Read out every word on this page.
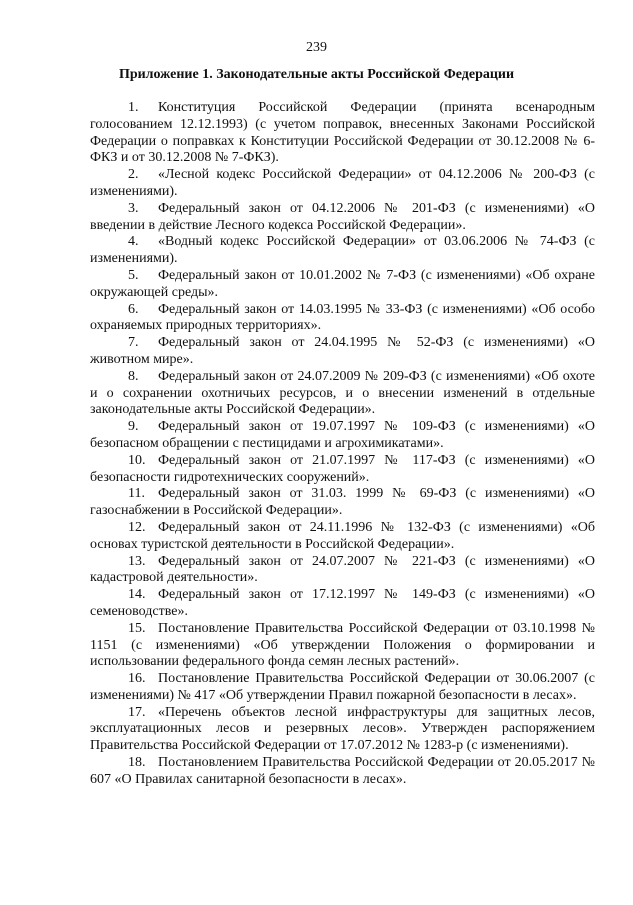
239
Приложение 1. Законодательные акты Российской Федерации

1. Конституция Российской Федерации (принята всенародным голосованием 12.12.1993) (с учетом поправок, внесенных Законами Российской Федерации о поправках к Конституции Российской Федерации от 30.12.2008 № 6-ФКЗ и от 30.12.2008 № 7-ФКЗ).

2. «Лесной кодекс Российской Федерации» от 04.12.2006 № 200-ФЗ (с изменениями).

3. Федеральный закон от 04.12.2006 № 201-ФЗ (с изменениями) «О введении в действие Лесного кодекса Российской Федерации».

4. «Водный кодекс Российской Федерации» от 03.06.2006 № 74-ФЗ (с изменениями).

5. Федеральный закон от 10.01.2002 № 7-ФЗ (с изменениями) «Об охране окружающей среды».

6. Федеральный закон от 14.03.1995 № 33-ФЗ (с изменениями) «Об особо охраняемых природных территориях».

7. Федеральный закон от 24.04.1995 № 52-ФЗ (с изменениями) «О животном мире».

8. Федеральный закон от 24.07.2009 № 209-ФЗ (с изменениями) «Об охоте и о сохранении охотничьих ресурсов, и о внесении изменений в отдельные законодательные акты Российской Федерации».

9. Федеральный закон от 19.07.1997 № 109-ФЗ (с изменениями) «О безопасном обращении с пестицидами и агрохимикатами».

10. Федеральный закон от 21.07.1997 № 117-ФЗ (с изменениями) «О безопасности гидротехнических сооружений».

11. Федеральный закон от 31.03. 1999 № 69-ФЗ (с изменениями) «О газоснабжении в Российской Федерации».

12. Федеральный закон от 24.11.1996 № 132-ФЗ (с изменениями) «Об основах туристской деятельности в Российской Федерации».

13. Федеральный закон от 24.07.2007 № 221-ФЗ (с изменениями) «О кадастровой деятельности».

14. Федеральный закон от 17.12.1997 № 149-ФЗ (с изменениями) «О семеноводстве».

15. Постановление Правительства Российской Федерации от 03.10.1998 № 1151 (с изменениями) «Об утверждении Положения о формировании и использовании федерального фонда семян лесных растений».

16. Постановление Правительства Российской Федерации от 30.06.2007 (с изменениями) № 417 «Об утверждении Правил пожарной безопасности в лесах».

17. «Перечень объектов лесной инфраструктуры для защитных лесов, эксплуатационных лесов и резервных лесов». Утвержден распоряжением Правительства Российской Федерации от 17.07.2012 № 1283-р (с изменениями).

18. Постановлением Правительства Российской Федерации от 20.05.2017 № 607 «О Правилах санитарной безопасности в лесах».
